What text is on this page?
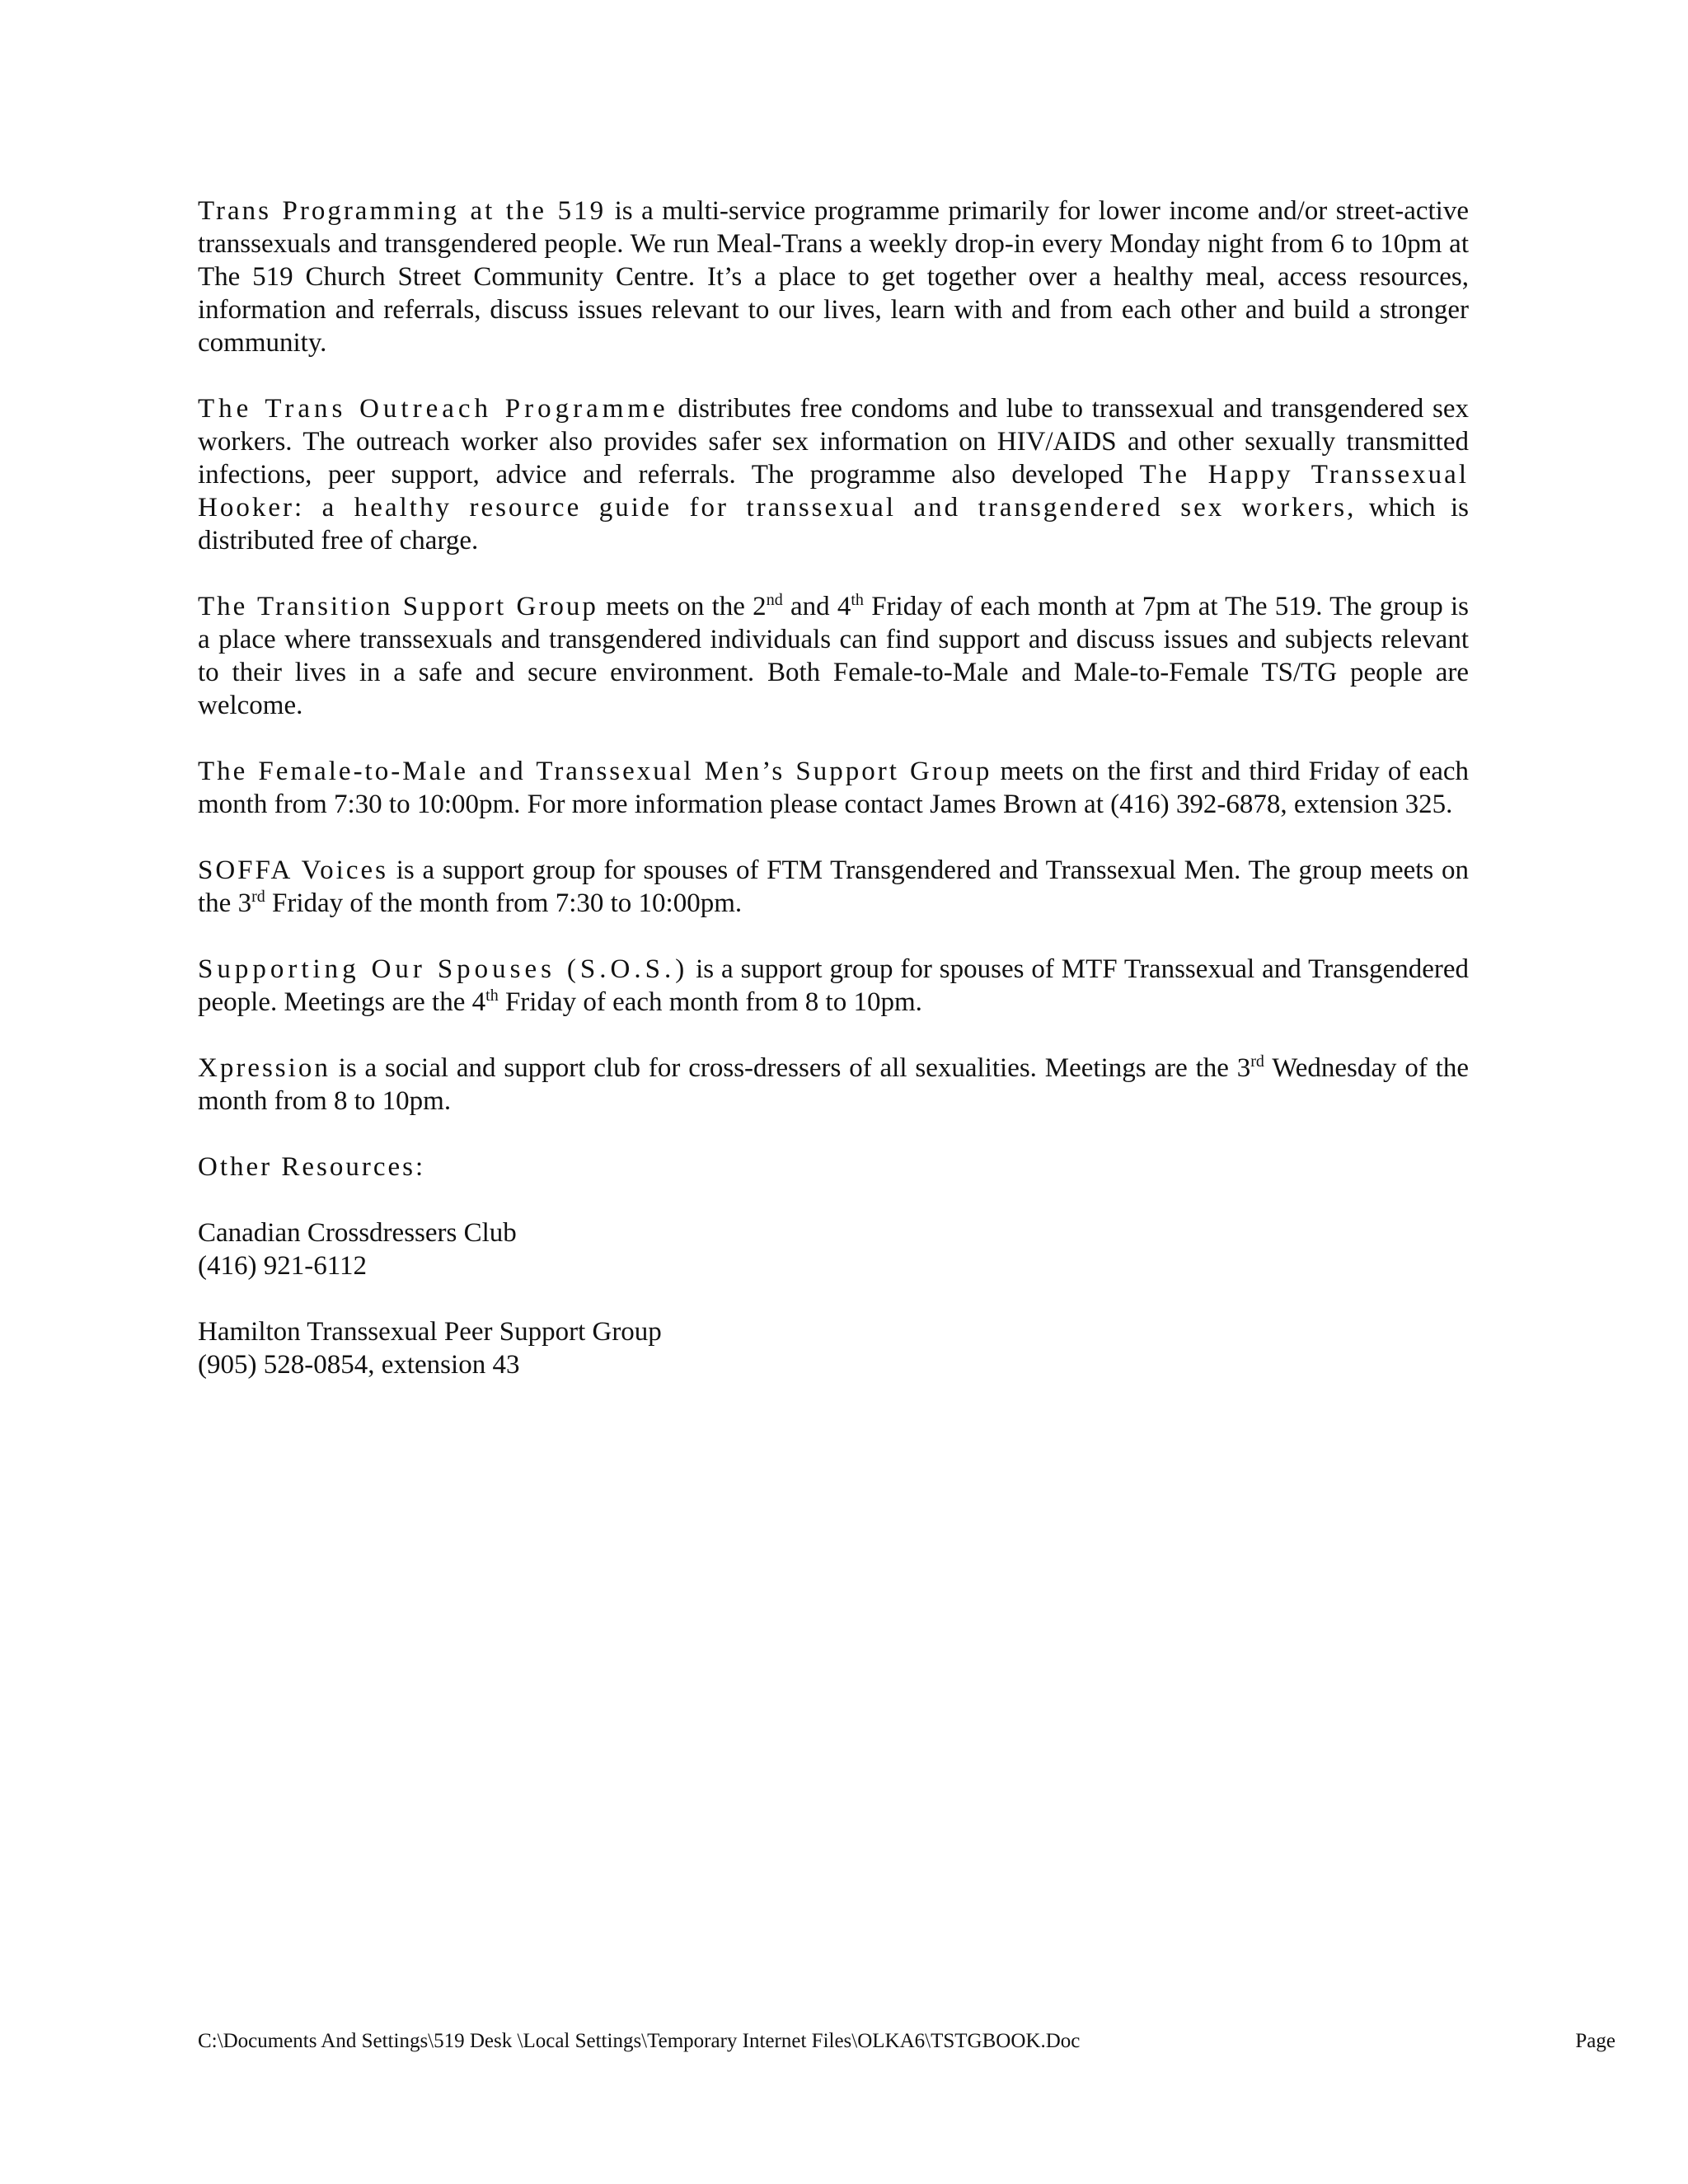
Trans Programming at the 519 is a multi-service programme primarily for lower income and/or street-active transsexuals and transgendered people. We run Meal-Trans a weekly drop-in every Monday night from 6 to 10pm at The 519 Church Street Community Centre. It’s a place to get together over a healthy meal, access resources, information and referrals, discuss issues relevant to our lives, learn with and from each other and build a stronger community.

The Trans Outreach Programme distributes free condoms and lube to transsexual and transgendered sex workers. The outreach worker also provides safer sex information on HIV/AIDS and other sexually transmitted infections, peer support, advice and referrals. The programme also developed The Happy Transsexual Hooker: a healthy resource guide for transsexual and transgendered sex workers, which is distributed free of charge.

The Transition Support Group meets on the 2nd and 4th Friday of each month at 7pm at The 519. The group is a place where transsexuals and transgendered individuals can find support and discuss issues and subjects relevant to their lives in a safe and secure environment. Both Female-to-Male and Male-to-Female TS/TG people are welcome.

The Female-to-Male and Transsexual Men’s Support Group meets on the first and third Friday of each month from 7:30 to 10:00pm. For more information please contact James Brown at (416) 392-6878, extension 325.

SOFFA Voices is a support group for spouses of FTM Transgendered and Transsexual Men. The group meets on the 3rd Friday of the month from 7:30 to 10:00pm.

Supporting Our Spouses (S.O.S.) is a support group for spouses of MTF Transsexual and Transgendered people. Meetings are the 4th Friday of each month from 8 to 10pm.

Xpression is a social and support club for cross-dressers of all sexualities. Meetings are the 3rd Wednesday of the month from 8 to 10pm.

Other Resources:
Canadian Crossdressers Club
(416) 921-6112
Hamilton Transsexual Peer Support Group
(905) 528-0854, extension 43
C:\Documents And Settings\519 Desk \Local Settings\Temporary Internet Files\OLKA6\TSTGBOOK.Doc	Page
